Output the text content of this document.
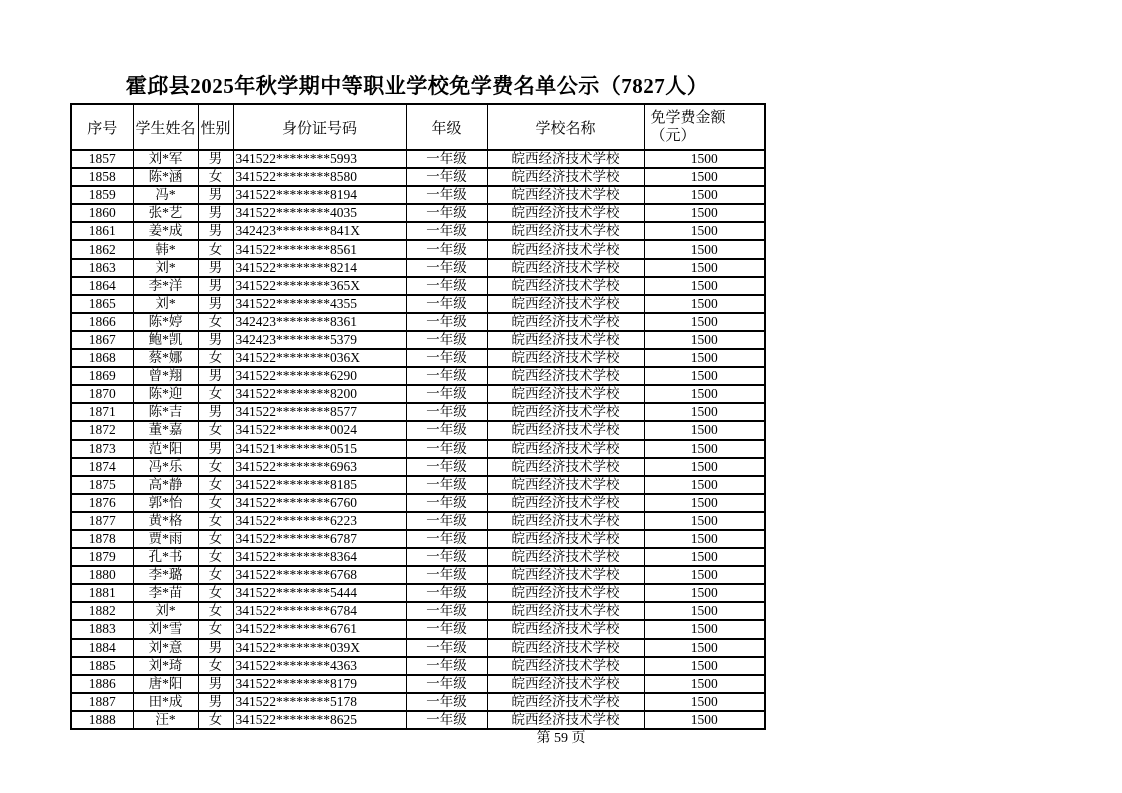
霍邱县2025年秋学期中等职业学校免学费名单公示（7827人）
序号	学生姓名	性别	身份证号码	年级	学校名称	免学费金额
（元）
1857	刘*军	男	341522********5993	一年级	皖西经济技术学校	1500
1858	陈*涵	女	341522********8580	一年级	皖西经济技术学校	1500
1859	冯*	男	341522********8194	一年级	皖西经济技术学校	1500
1860	张*艺	男	341522********4035	一年级	皖西经济技术学校	1500
1861	姜*成	男	342423********841X	一年级	皖西经济技术学校	1500
1862	韩*	女	341522********8561	一年级	皖西经济技术学校	1500
1863	刘*	男	341522********8214	一年级	皖西经济技术学校	1500
1864	李*洋	男	341522********365X	一年级	皖西经济技术学校	1500
1865	刘*	男	341522********4355	一年级	皖西经济技术学校	1500
1866	陈*婷	女	342423********8361	一年级	皖西经济技术学校	1500
1867	鲍*凯	男	342423********5379	一年级	皖西经济技术学校	1500
1868	蔡*娜	女	341522********036X	一年级	皖西经济技术学校	1500
1869	曾*翔	男	341522********6290	一年级	皖西经济技术学校	1500
1870	陈*迎	女	341522********8200	一年级	皖西经济技术学校	1500
1871	陈*吉	男	341522********8577	一年级	皖西经济技术学校	1500
1872	董*嘉	女	341522********0024	一年级	皖西经济技术学校	1500
1873	范*阳	男	341521********0515	一年级	皖西经济技术学校	1500
1874	冯*乐	女	341522********6963	一年级	皖西经济技术学校	1500
1875	高*静	女	341522********8185	一年级	皖西经济技术学校	1500
1876	郭*怡	女	341522********6760	一年级	皖西经济技术学校	1500
1877	黄*格	女	341522********6223	一年级	皖西经济技术学校	1500
1878	贾*雨	女	341522********6787	一年级	皖西经济技术学校	1500
1879	孔*书	女	341522********8364	一年级	皖西经济技术学校	1500
1880	李*璐	女	341522********6768	一年级	皖西经济技术学校	1500
1881	李*苗	女	341522********5444	一年级	皖西经济技术学校	1500
1882	刘*	女	341522********6784	一年级	皖西经济技术学校	1500
1883	刘*雪	女	341522********6761	一年级	皖西经济技术学校	1500
1884	刘*意	男	341522********039X	一年级	皖西经济技术学校	1500
1885	刘*琦	女	341522********4363	一年级	皖西经济技术学校	1500
1886	唐*阳	男	341522********8179	一年级	皖西经济技术学校	1500
1887	田*成	男	341522********5178	一年级	皖西经济技术学校	1500
1888	汪*	女	341522********8625	一年级	皖西经济技术学校	1500
第 59 页
